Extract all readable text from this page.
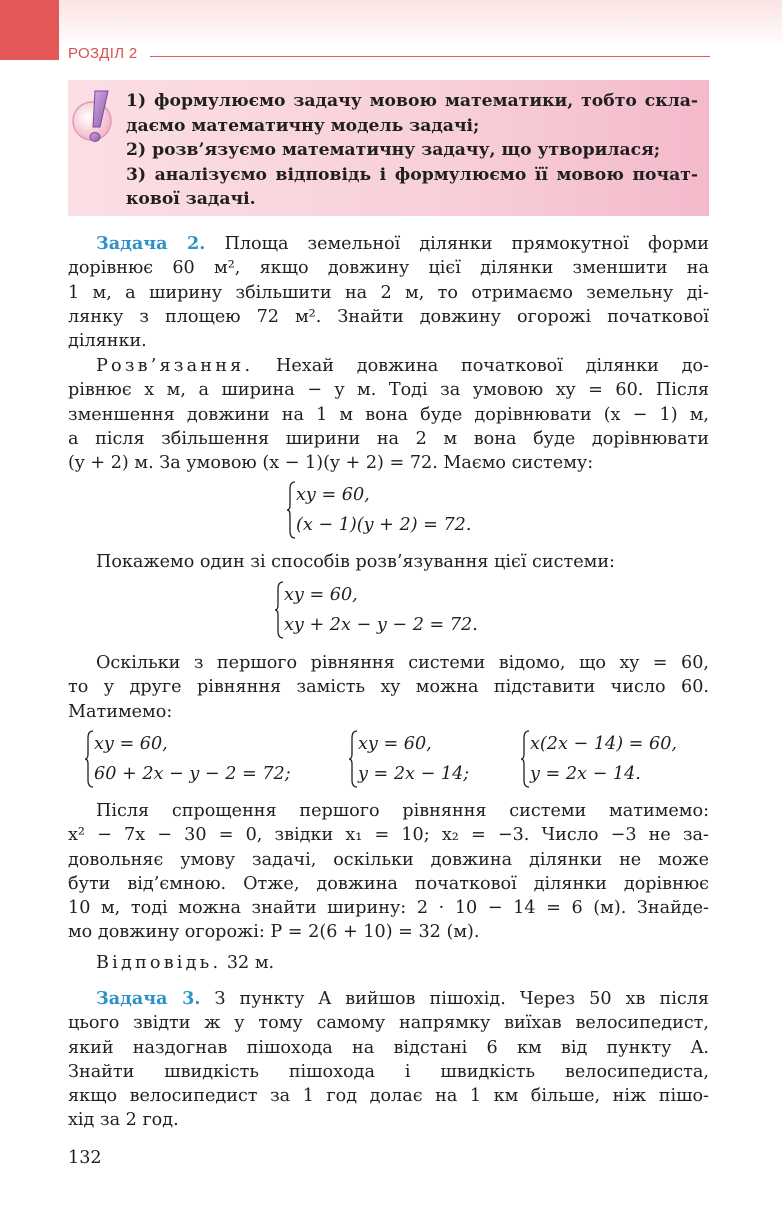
РОЗДІЛ 2
1) формулюємо задачу мовою математики, тобто скла-
даємо математичну модель задачі;
2) розв’язуємо математичну задачу, що утворилася;
3) аналізуємо відповідь і формулюємо її мовою почат-
кової задачі.
Задача 2. Площа земельної ділянки прямокутної форми
дорівнює 60 м², якщо довжину цієї ділянки зменшити на
1 м, а ширину збільшити на 2 м, то отримаємо земельну ді-
лянку з площею 72 м². Знайти довжину огорожі початкової
ділянки.
Розв’язання. Нехай довжина початкової ділянки до-
рівнює x м, а ширина − y м. Тоді за умовою xy = 60. Після
зменшення довжини на 1 м вона буде дорівнювати (x − 1) м,
а після збільшення ширини на 2 м вона буде дорівнювати
(y + 2) м. За умовою (x − 1)(y + 2) = 72. Маємо систему:
xy = 60,
(x − 1)(y + 2) = 72.
Покажемо один зі способів розв’язування цієї системи:
xy = 60,
xy + 2x − y − 2 = 72.
Оскільки з першого рівняння системи відомо, що xy = 60,
то у друге рівняння замість xy можна підставити число 60.
Матимемо:
xy = 60,
60 + 2x − y − 2 = 72;
xy = 60,
y = 2x − 14;
x(2x − 14) = 60,
y = 2x − 14.
Після спрощення першого рівняння системи матимемо:
x² − 7x − 30 = 0, звідки x₁ = 10; x₂ = −3. Число −3 не за-
довольняє умову задачі, оскільки довжина ділянки не може
бути від’ємною. Отже, довжина початкової ділянки дорівнює
10 м, тоді можна знайти ширину: 2 · 10 − 14 = 6 (м). Знайде-
мо довжину огорожі: P = 2(6 + 10) = 32 (м).
Відповідь. 32 м.
Задача 3. З пункту A вийшов пішохід. Через 50 хв після
цього звідти ж у тому самому напрямку виїхав велосипедист,
який наздогнав пішохода на відстані 6 км від пункту A.
Знайти швидкість пішохода і швидкість велосипедиста,
якщо велосипедист за 1 год долає на 1 км більше, ніж пішо-
хід за 2 год.
132
